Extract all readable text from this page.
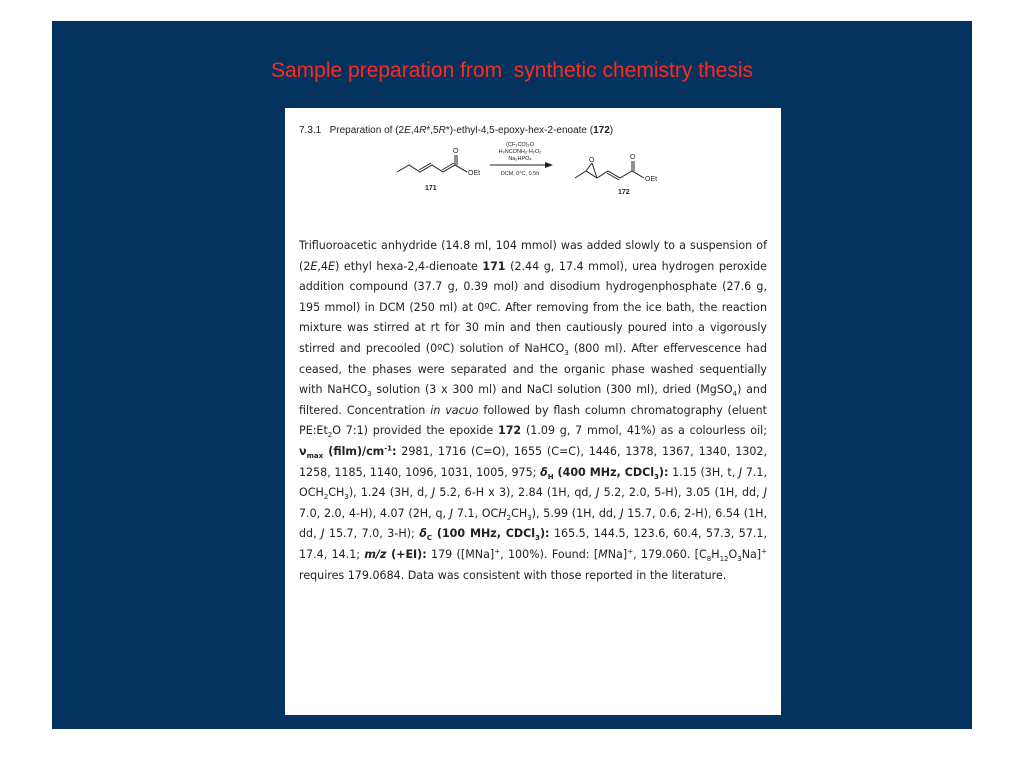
Sample preparation from  synthetic chemistry thesis
7.3.1 Preparation of (2E,4R*,5R*)-ethyl-4,5-epoxy-hex-2-enoate (172)
O
OEt
171
(CF₃CO)₂O
H₂NCONH₂·H₂O₂
Na₂HPO₄
DCM, 0°C, 0.5h
O	O
OEt
172
Trifluoroacetic anhydride (14.8 ml, 104 mmol) was added slowly to a suspension of (2E,4E) ethyl hexa-2,4-dienoate 171 (2.44 g, 17.4 mmol), urea hydrogen peroxide addition compound (37.7 g, 0.39 mol) and disodium hydrogenphosphate (27.6 g, 195 mmol) in DCM (250 ml) at 0ºC. After removing from the ice bath, the reaction mixture was stirred at rt for 30 min and then cautiously poured into a vigorously stirred and precooled (0ºC) solution of NaHCO$_3$ (800 ml). After effervescence had ceased, the phases were separated and the organic phase washed sequentially with NaHCO$_3$ solution (3 x 300 ml) and NaCl solution (300 ml), dried (MgSO$_4$) and filtered. Concentration in vacuo followed by flash column chromatography (eluent $PE:Et_2O$ 7:1) provided the epoxide 172 (1.09 g, 7 mmol, 41%) as a colourless oil; $\nu_{max}$ $(film)/cm^{-1}$: 2981, 1716 (C=O), 1655 (C=C), 1446, 1378, 1367, 1340, 1302, 1258, 1185, 1140, 1096, 1031, 1005, 975; $\delta_H$ (400 MHz, CDCl$_3$): 1.15 (3H, t, J 7.1, $OCH_2CH_3$), 1.24 (3H, d, J 5.2, 6-H x 3), 2.84 (1H, qd, J 5.2, 2.0, 5-H), 3.05 (1H, dd, J 7.0, 2.0, 4-H), 4.07 (2H, q, J 7.1, $OCH_2CH_3$), 5.99 (1H, dd, J 15.7, 0.6, 2-H), 6.54 (1H, dd, J 15.7, 7.0, 3-H); $\delta_C$ (100 MHz, CDCl$_3$): 165.5, 144.5, 123.6, 60.4, 57.3, 57.1, 17.4, 14.1; m/z (+EI): 179 ([MNa]+, 100%). Found: [MNa]+, 179.060. $[C_8H_{12}O_3Na]^+$ requires 179.0684. Data was consistent with those reported in the literature.
